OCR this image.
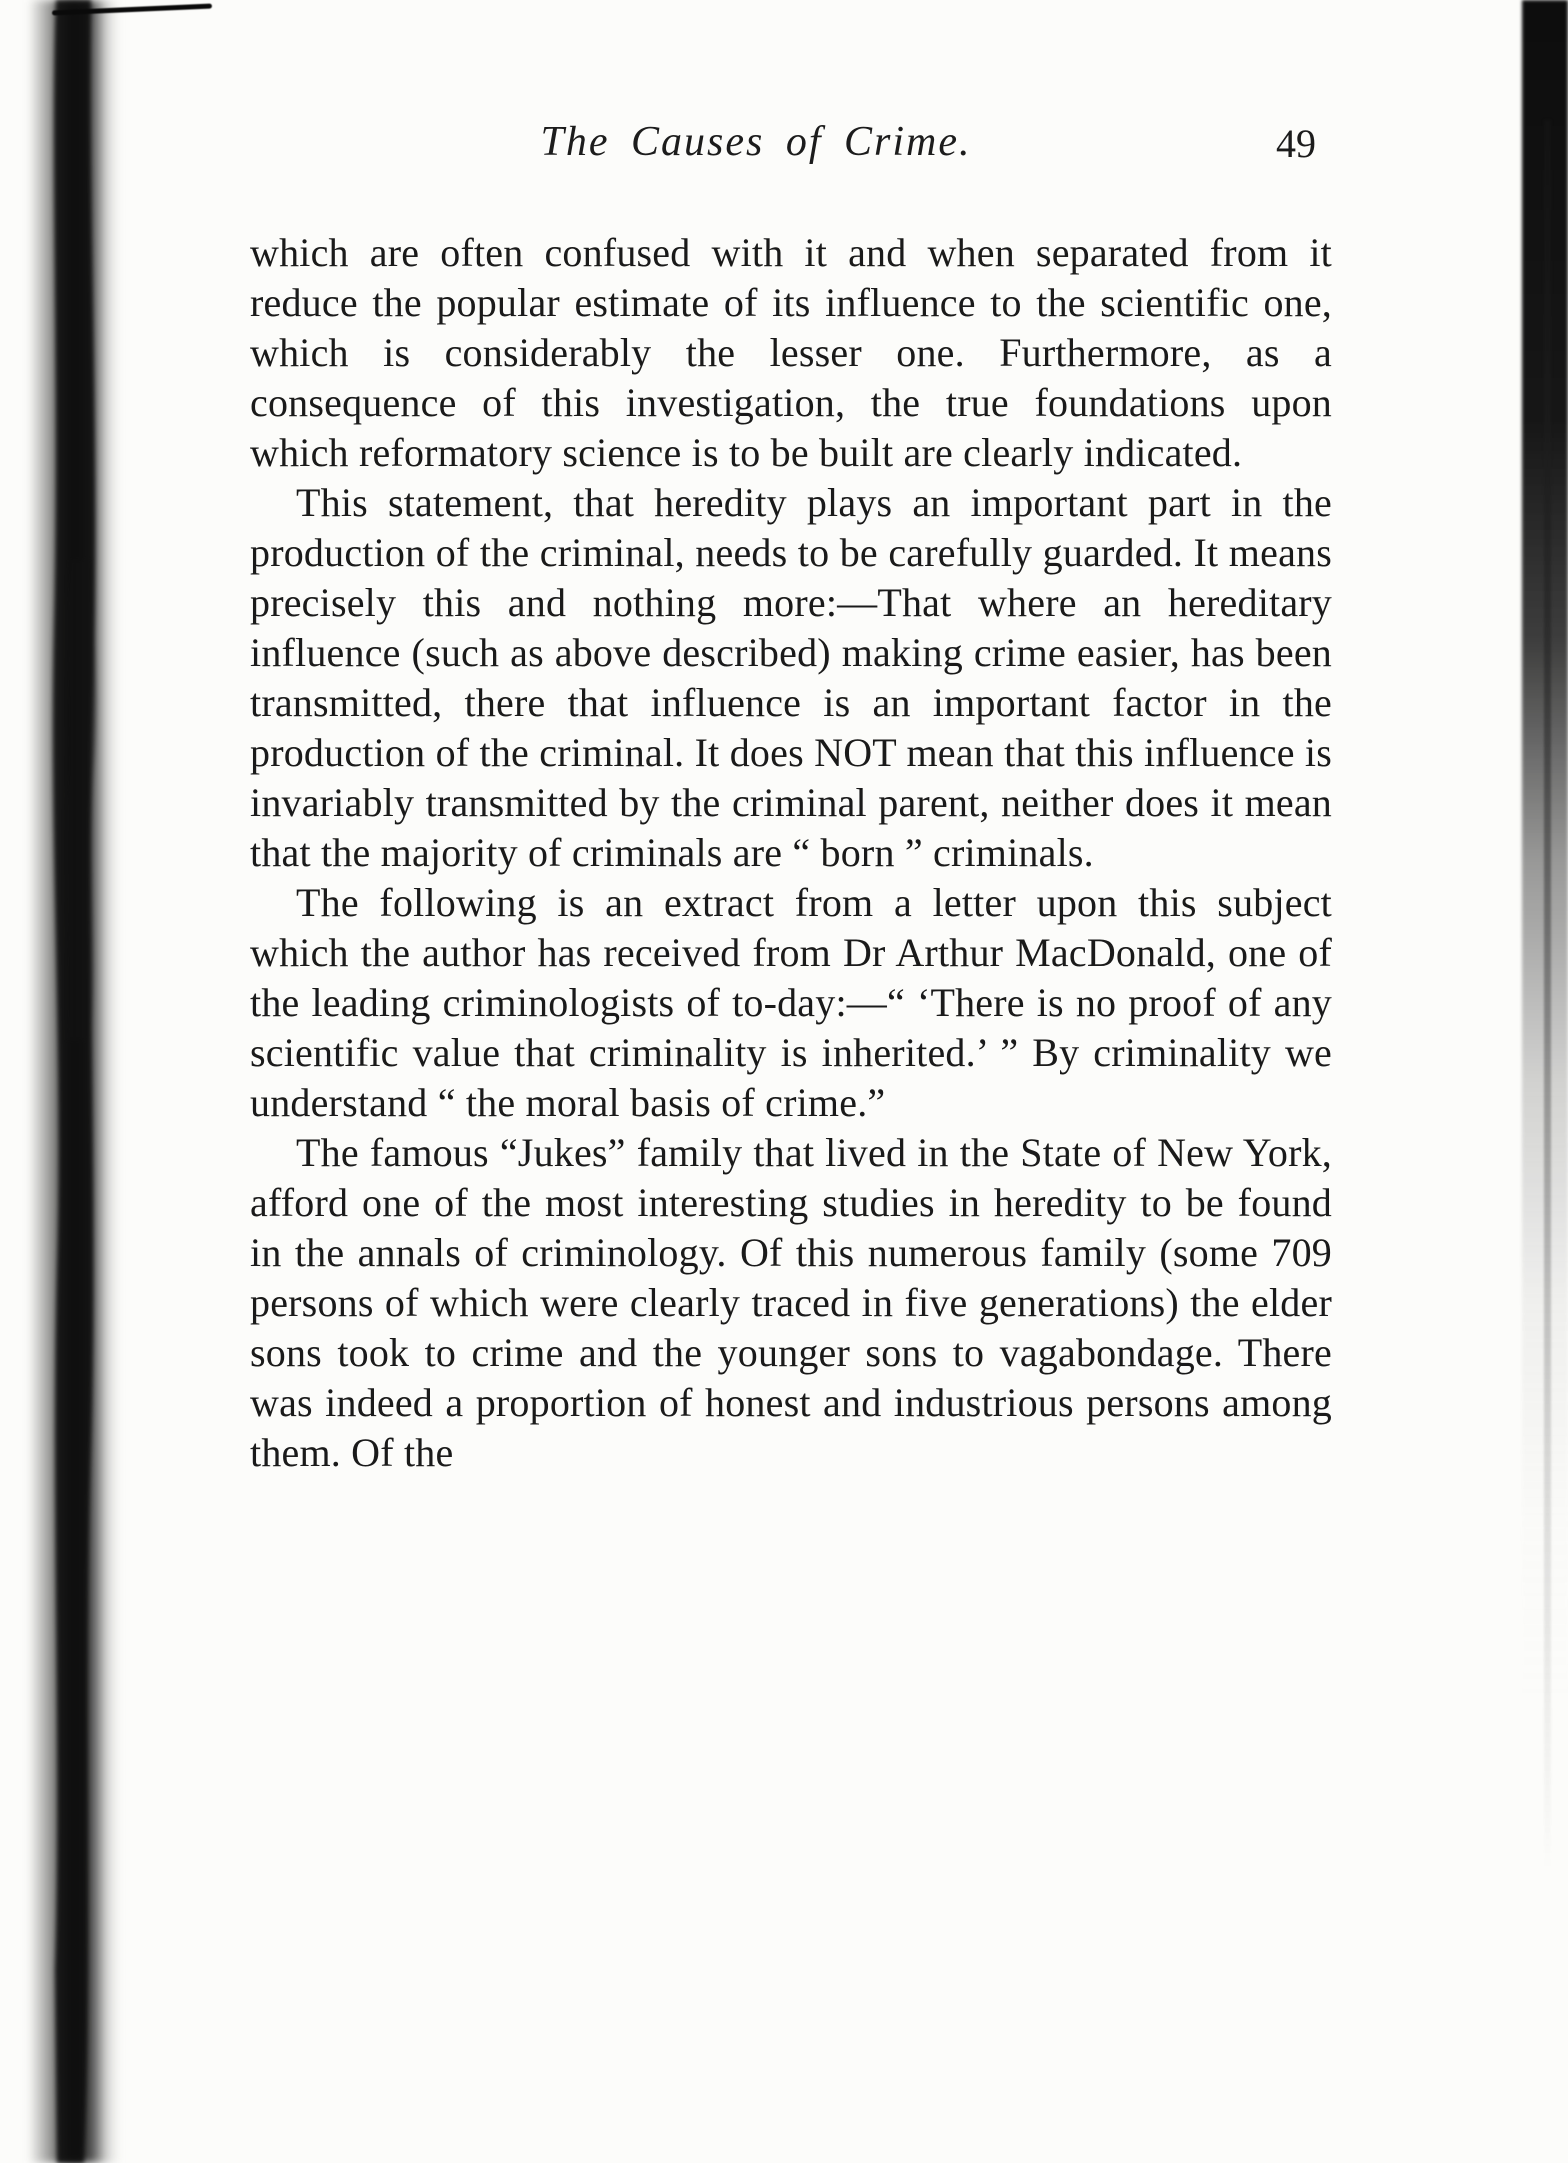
The Causes of Crime.	49

which are often confused with it and when separated from it reduce the popular estimate of its influence to the scientific one, which is considerably the lesser one. Furthermore, as a consequence of this investigation, the true foundations upon which reformatory science is to be built are clearly indicated.

This statement, that heredity plays an important part in the production of the criminal, needs to be carefully guarded. It means precisely this and nothing more:—That where an hereditary influence (such as above described) making crime easier, has been transmitted, there that influence is an important factor in the production of the criminal. It does NOT mean that this influence is invariably transmitted by the criminal parent, neither does it mean that the majority of criminals are “ born ” criminals.

The following is an extract from a letter upon this subject which the author has received from Dr Arthur MacDonald, one of the leading criminologists of to-day:—“ ‘There is no proof of any scientific value that criminality is inherited.’ ” By criminality we understand “ the moral basis of crime.”

The famous “Jukes” family that lived in the State of New York, afford one of the most interesting studies in heredity to be found in the annals of criminology. Of this numerous family (some 709 persons of which were clearly traced in five generations) the elder sons took to crime and the younger sons to vagabondage. There was indeed a proportion of honest and industrious persons among them. Of the
